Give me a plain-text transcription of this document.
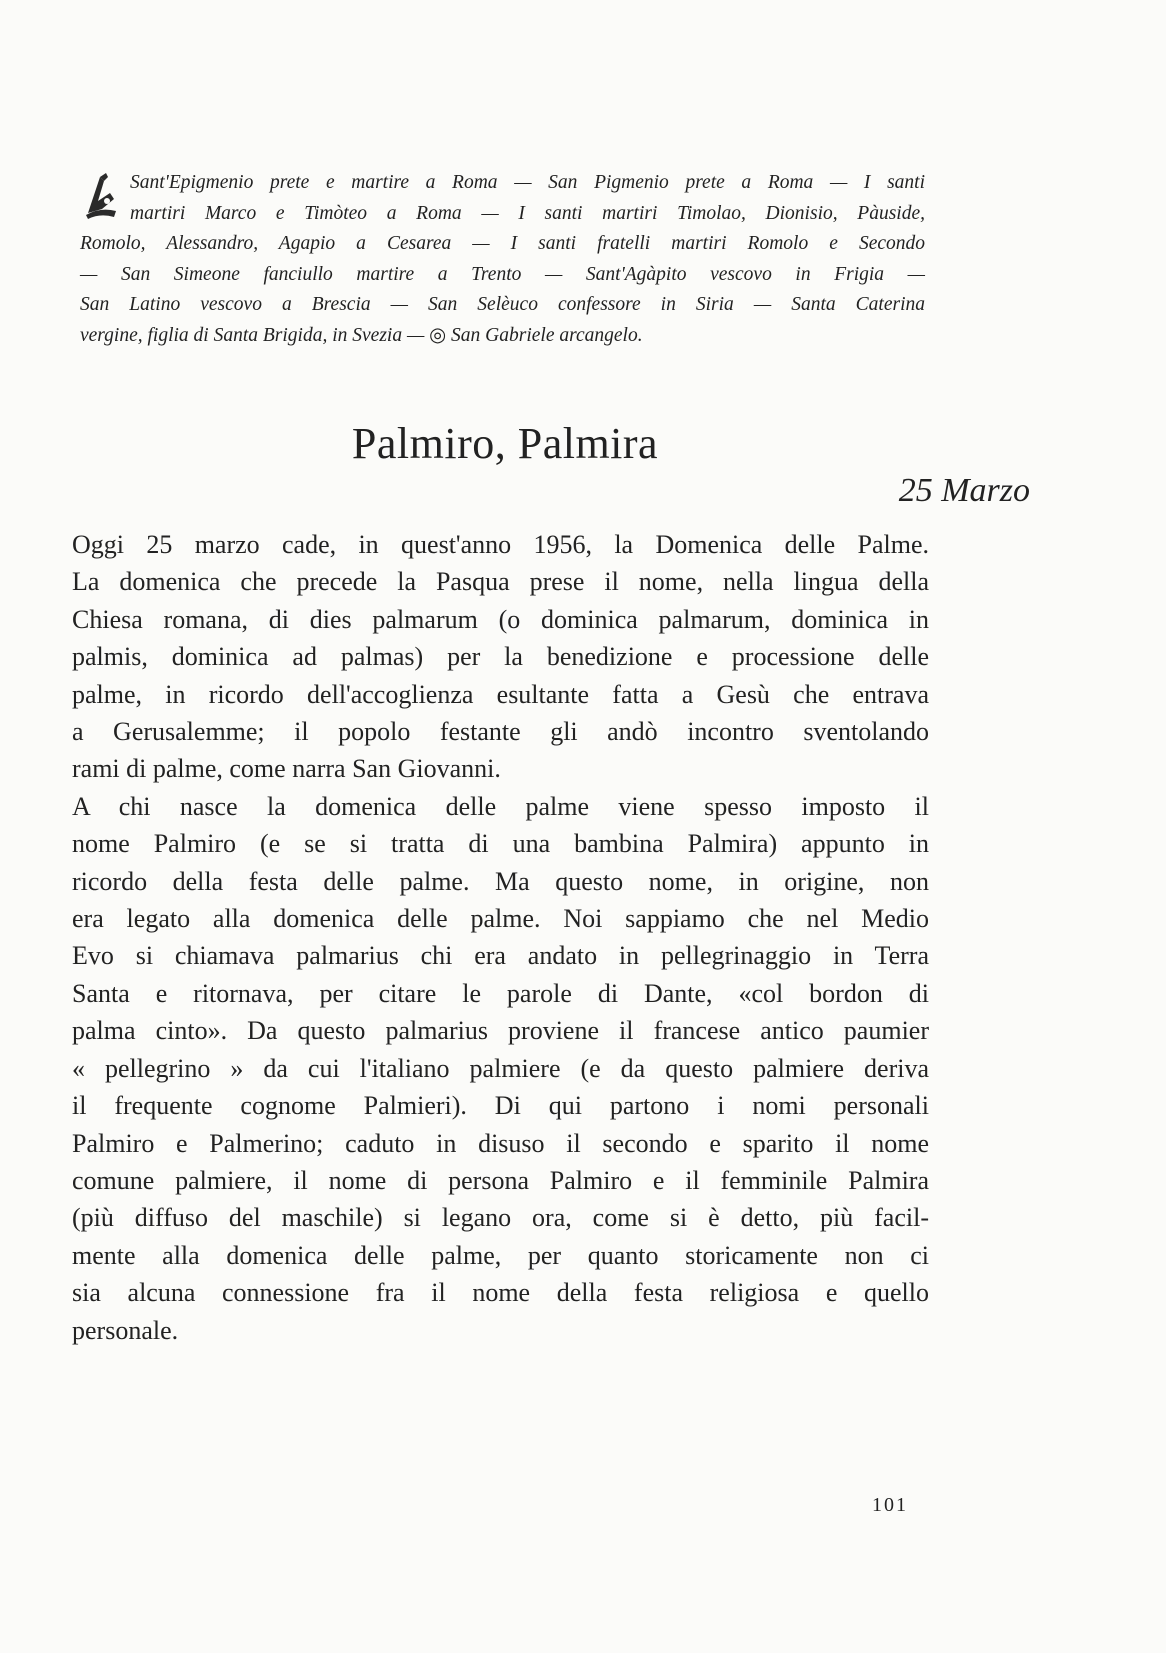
Sant'Epigmenio prete e martire a Roma — San Pigmenio prete a Roma — I santi
martiri Marco e Timòteo a Roma — I santi martiri Timolao, Dionisio, Pàuside,
Romolo, Alessandro, Agapio a Cesarea — I santi fratelli martiri Romolo e Secondo
— San Simeone fanciullo martire a Trento — Sant'Agàpito vescovo in Frigia —
San Latino vescovo a Brescia — San Selèuco confessore in Siria — Santa Caterina
vergine, figlia di Santa Brigida, in Svezia — ◎ San Gabriele arcangelo.
Palmiro, Palmira
25 Marzo
Oggi 25 marzo cade, in quest'anno 1956, la Domenica delle Palme.
La domenica che precede la Pasqua prese il nome, nella lingua della
Chiesa romana, di dies palmarum (o dominica palmarum, dominica in
palmis, dominica ad palmas) per la benedizione e processione delle
palme, in ricordo dell'accoglienza esultante fatta a Gesù che entrava
a Gerusalemme; il popolo festante gli andò incontro sventolando
rami di palme, come narra San Giovanni.
A chi nasce la domenica delle palme viene spesso imposto il
nome Palmiro (e se si tratta di una bambina Palmira) appunto in
ricordo della festa delle palme. Ma questo nome, in origine, non
era legato alla domenica delle palme. Noi sappiamo che nel Medio
Evo si chiamava palmarius chi era andato in pellegrinaggio in Terra
Santa e ritornava, per citare le parole di Dante, «col bordon di
palma cinto». Da questo palmarius proviene il francese antico paumier
« pellegrino » da cui l'italiano palmiere (e da questo palmiere deriva
il frequente cognome Palmieri). Di qui partono i nomi personali
Palmiro e Palmerino; caduto in disuso il secondo e sparito il nome
comune palmiere, il nome di persona Palmiro e il femminile Palmira
(più diffuso del maschile) si legano ora, come si è detto, più facil-
mente alla domenica delle palme, per quanto storicamente non ci
sia alcuna connessione fra il nome della festa religiosa e quello
personale.
101
